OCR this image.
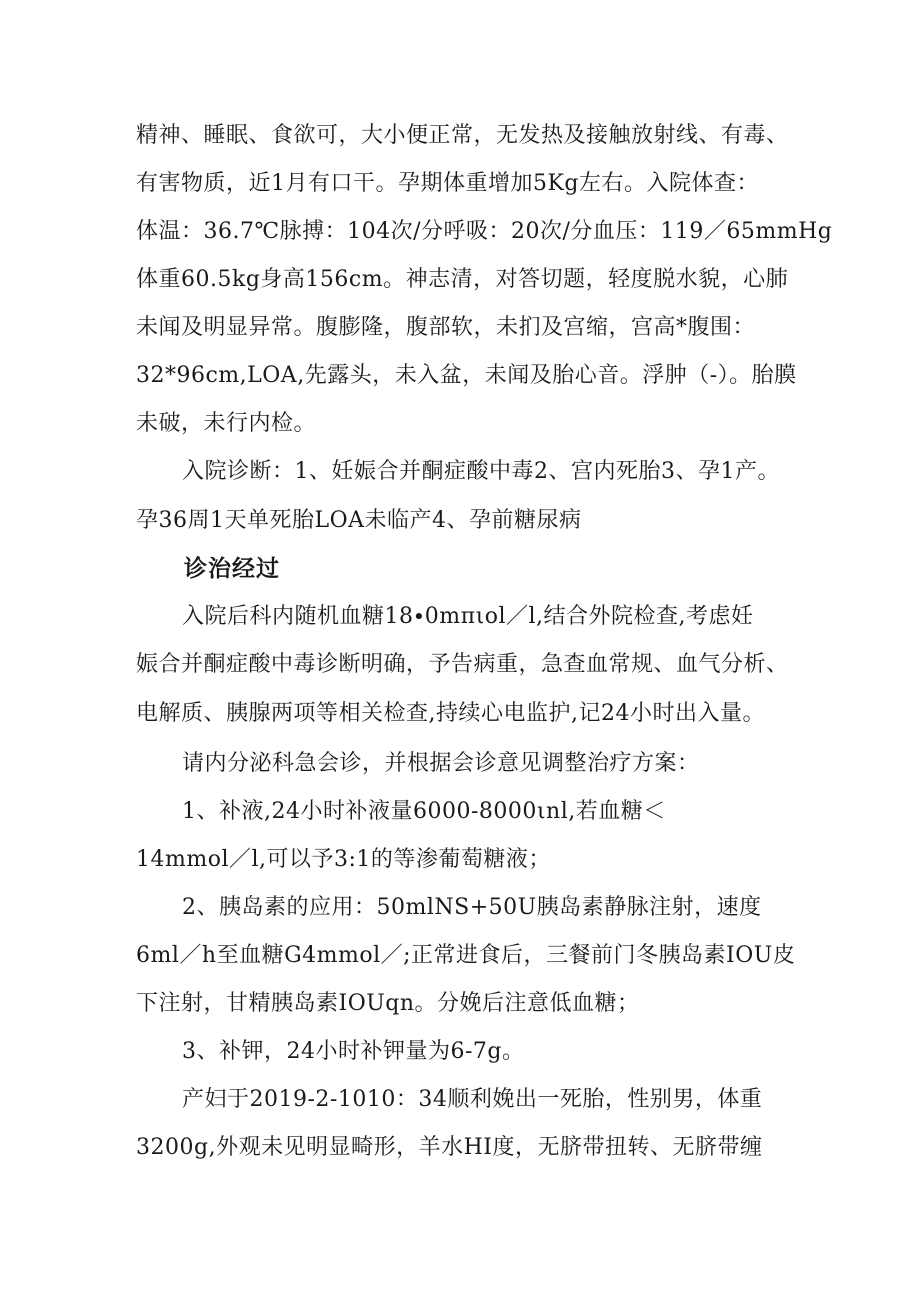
精神、睡眠、食欲可，大小便正常，无发热及接触放射线、有毒、
有害物质，近1月有口干。孕期体重增加5Kg左右。入院体查：
体温：36.7℃脉搏：104次/分呼吸：20次/分血压：119／65mmHg
体重60.5kg身高156cm。神志清，对答切题，轻度脱水貌，心肺
未闻及明显异常。腹膨隆，腹部软，未扪及宫缩，宫高*腹围：
32*96cm,LOA,先露头，未入盆，未闻及胎心音。浮肿（-）。胎膜
未破，未行内检。
入院诊断：1、妊娠合并酮症酸中毒2、宫内死胎3、孕1产。
孕36周1天单死胎LOA未临产4、孕前糖尿病
诊治经过
入院后科内随机血糖18∙0mπιol／l,结合外院检查,考虑妊
娠合并酮症酸中毒诊断明确，予告病重，急查血常规、血气分析、
电解质、胰腺两项等相关检查,持续心电监护,记24小时出入量。
请内分泌科急会诊，并根据会诊意见调整治疗方案：
1、补液,24小时补液量6000-8000ιnl,若血糖＜
14mmol／l,可以予3:1的等渗葡萄糖液；
2、胰岛素的应用：50mlNS+50U胰岛素静脉注射，速度
6ml／h至血糖G4mmol／;正常进食后，三餐前门冬胰岛素IOU皮
下注射，甘精胰岛素IOUqn。分娩后注意低血糖；
3、补钾，24小时补钾量为6-7g。
产妇于2019-2-1010：34顺利娩出一死胎，性别男，体重
3200g,外观未见明显畸形，羊水HI度，无脐带扭转、无脐带缠
